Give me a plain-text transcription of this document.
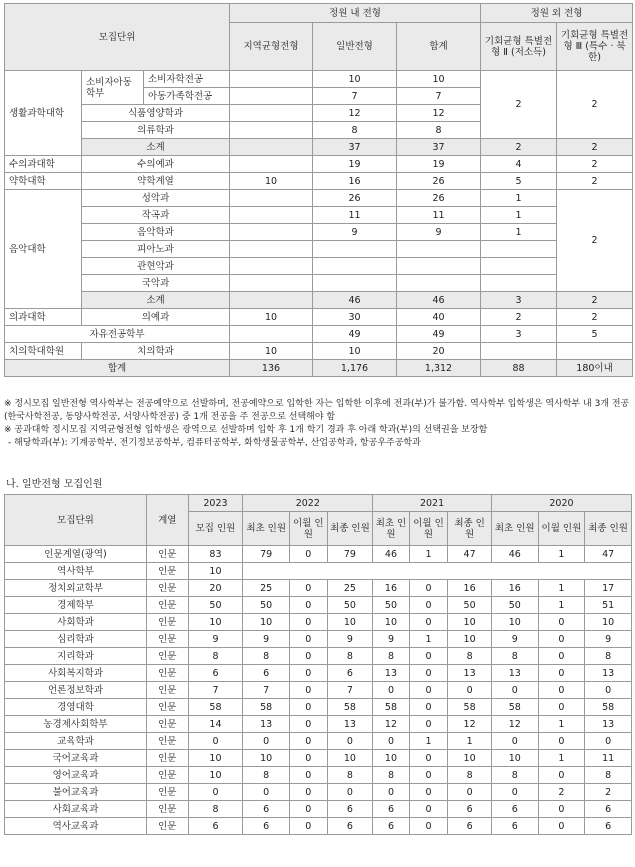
모집단위			정원 내 전형			정원 외 전형	
			지역균형전형	일반전형	합계	기회균형 특별전형 Ⅱ (저소득)	기회균형 특별전형 Ⅲ (특수 · 북한)
생활과학대학	소비자아동학부	소비자학전공		10	10	2	2
		아동가족학전공		7	7		
	식품영양학과			12	12		
	의류학과			8	8		
	소계			37	37	2	2
수의과대학	수의예과			19	19	4	2
약학대학	약학계열		10	16	26	5	2
음악대학	성악과			26	26	1	2
	작곡과			11	11	1	
	음악학과			9	9	1	
	피아노과						
	관현악과						
	국악과						
	소계			46	46	3	2
의과대학	의예과		10	30	40	2	2
자유전공학부				49	49	3	5
치의학대학원	치의학과		10	10	20		
합계			136	1,176	1,312	88	180이내

※ 정시모집 일반전형 역사학부는 전공예약으로 선발하며, 전공예약으로 입학한 자는 입학한 이후에 전과(부)가 불가함. 역사학부 입학생은 역사학부 내 3개 전공(한국사학전공, 동양사학전공, 서양사학전공) 중 1개 전공을 주 전공으로 선택해야 함

※ 공과대학 정시모집 지역균형전형 입학생은 광역으로 선발하며 입학 후 1개 학기 경과 후 아래 학과(부)의 선택권을 보장함

- 해당학과(부): 기계공학부, 전기정보공학부, 컴퓨터공학부, 화학생물공학부, 산업공학과, 항공우주공학과

나. 일반전형 모집인원
모집단위	계열	2023	2022			2021			2020		
		모집 인원	최초 인원	이월 인원	최종 인원	최초 인원	이월 인원	최종 인원	최초 인원	이월 인원	최종 인원
인문계열(광역)	인문	83	79	0	79	46	1	47	46	1	47
역사학부	인문	10									
정치외교학부	인문	20	25	0	25	16	0	16	16	1	17
경제학부	인문	50	50	0	50	50	0	50	50	1	51
사회학과	인문	10	10	0	10	10	0	10	10	0	10
심리학과	인문	9	9	0	9	9	1	10	9	0	9
지리학과	인문	8	8	0	8	8	0	8	8	0	8
사회복지학과	인문	6	6	0	6	13	0	13	13	0	13
언론정보학과	인문	7	7	0	7	0	0	0	0	0	0
경영대학	인문	58	58	0	58	58	0	58	58	0	58
농경제사회학부	인문	14	13	0	13	12	0	12	12	1	13
교육학과	인문	0	0	0	0	0	1	1	0	0	0
국어교육과	인문	10	10	0	10	10	0	10	10	1	11
영어교육과	인문	10	8	0	8	8	0	8	8	0	8
불어교육과	인문	0	0	0	0	0	0	0	0	2	2
사회교육과	인문	8	6	0	6	6	0	6	6	0	6
역사교육과	인문	6	6	0	6	6	0	6	6	0	6
